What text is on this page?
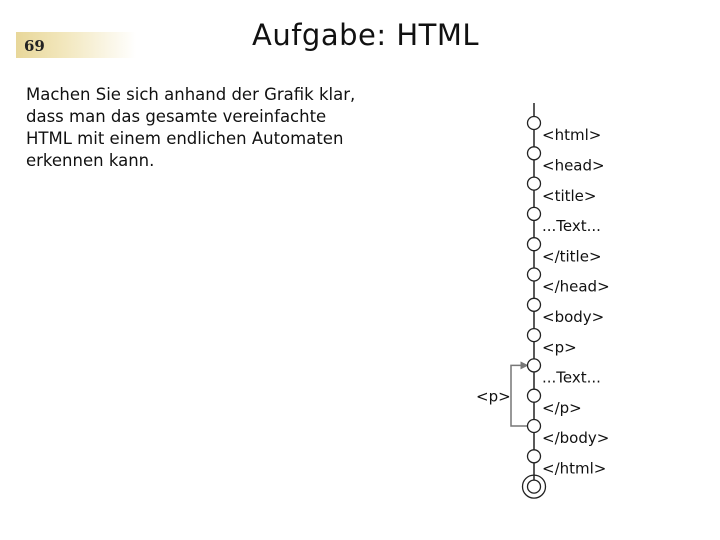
69	Aufgabe: HTML
Machen Sie sich anhand der Grafik klar,
dass man das gesamte vereinfachte
HTML mit einem endlichen Automaten
erkennen kann.
<html>
<head>
<title>
...Text...
</title>
</head>
<body>
<p>
...Text...
</p>
</body>
</html>
<p>
